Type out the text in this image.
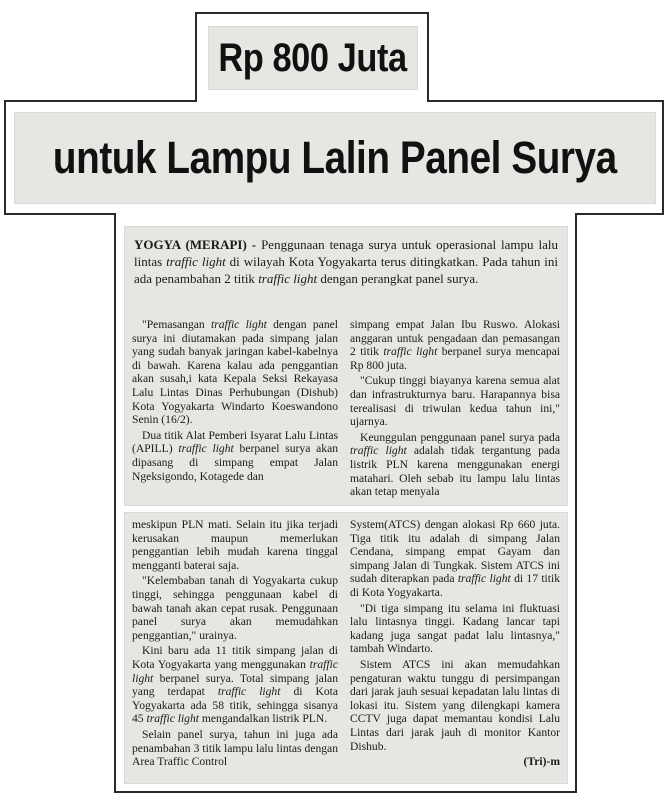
Rp 800 Juta
untuk Lampu Lalin Panel Surya
YOGYA (MERAPI) - Penggunaan tenaga surya untuk operasional lampu lalu lintas traffic light di wilayah Kota Yogyakarta terus ditingkatkan. Pada tahun ini ada penambahan 2 titik traffic light dengan perangkat panel surya.

"Pemasangan traffic light dengan panel surya ini diutamakan pada simpang jalan yang sudah banyak jaringan kabel-kabelnya di bawah. Karena kalau ada penggantian akan susah,i kata Kepala Seksi Rekayasa Lalu Lintas Dinas Perhubungan (Dishub) Kota Yogyakarta Windarto Koeswandono Senin (16/2).

Dua titik Alat Pemberi Isyarat Lalu Lintas (APILL) traffic light berpanel surya akan dipasang di simpang empat Jalan Ngeksigondo, Kotagede dan

simpang empat Jalan Ibu Ruswo. Alokasi anggaran untuk pengadaan dan pemasangan 2 titik traffic light berpanel surya mencapai Rp 800 juta.

"Cukup tinggi biayanya karena semua alat dan infrastrukturnya baru. Harapannya bisa terealisasi di triwulan kedua tahun ini," ujarnya.

Keunggulan penggunaan panel surya pada traffic light adalah tidak tergantung pada listrik PLN karena menggunakan energi matahari. Oleh sebab itu lampu lalu lintas akan tetap menyala

meskipun PLN mati. Selain itu jika terjadi kerusakan maupun memerlukan penggantian lebih mudah karena tinggal mengganti baterai saja.

"Kelembaban tanah di Yogyakarta cukup tinggi, sehingga penggunaan kabel di bawah tanah akan cepat rusak. Penggunaan panel surya akan memudahkan penggantian," urainya.

Kini baru ada 11 titik simpang jalan di Kota Yogyakarta yang menggunakan traffic light berpanel surya. Total simpang jalan yang terdapat traffic light di Kota Yogyakarta ada 58 titik, sehingga sisanya 45 traffic light mengandalkan listrik PLN.

Selain panel surya, tahun ini juga ada penambahan 3 titik lampu lalu lintas dengan Area Traffic Control

System(ATCS) dengan alokasi Rp 660 juta. Tiga titik itu adalah di simpang Jalan Cendana, simpang empat Gayam dan simpang Jalan di Tungkak. Sistem ATCS ini sudah diterapkan pada traffic light di 17 titik di Kota Yogyakarta.

"Di tiga simpang itu selama ini fluktuasi lalu lintasnya tinggi. Kadang lancar tapi kadang juga sangat padat lalu lintasnya," tambah Windarto.

Sistem ATCS ini akan memudahkan pengaturan waktu tunggu di persimpangan dari jarak jauh sesuai kepadatan lalu lintas di lokasi itu. Sistem yang dilengkapi kamera CCTV juga dapat memantau kondisi Lalu Lintas dari jarak jauh di monitor Kantor Dishub.

(Tri)-m
